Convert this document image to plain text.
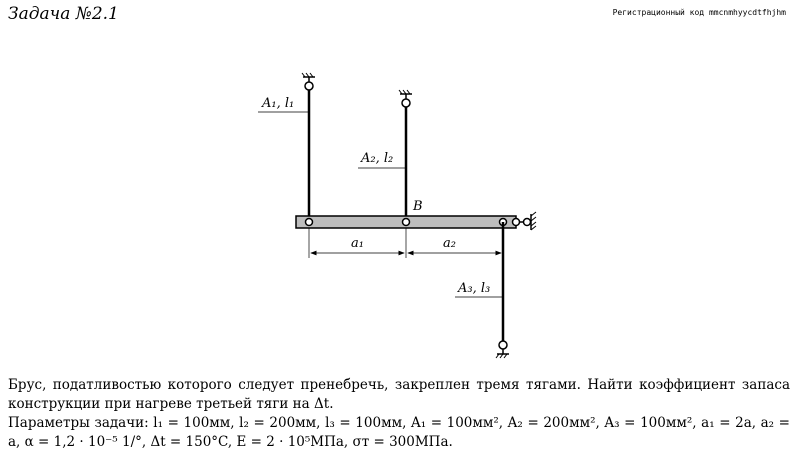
Задача №2.1	Регистрационный код mmcnmhyycdtfhjhm
A₁, l₁
A₂, l₂
B
a₁	a₂
A₃, l₃

Брус, податливостью которого следует пренебречь, закреплен тремя тягами. Найти коэффициент запаса конструкции при нагреве третьей тяги на Δt.

Параметры задачи: l₁ = 100мм, l₂ = 200мм, l₃ = 100мм, A₁ = 100мм², A₂ = 200мм², A₃ = 100мм², a₁ = 2a, a₂ = a, α = 1,2 · 10⁻⁵ 1/°, Δt = 150°C, E = 2 · 10⁵МПа, σт = 300МПа.
